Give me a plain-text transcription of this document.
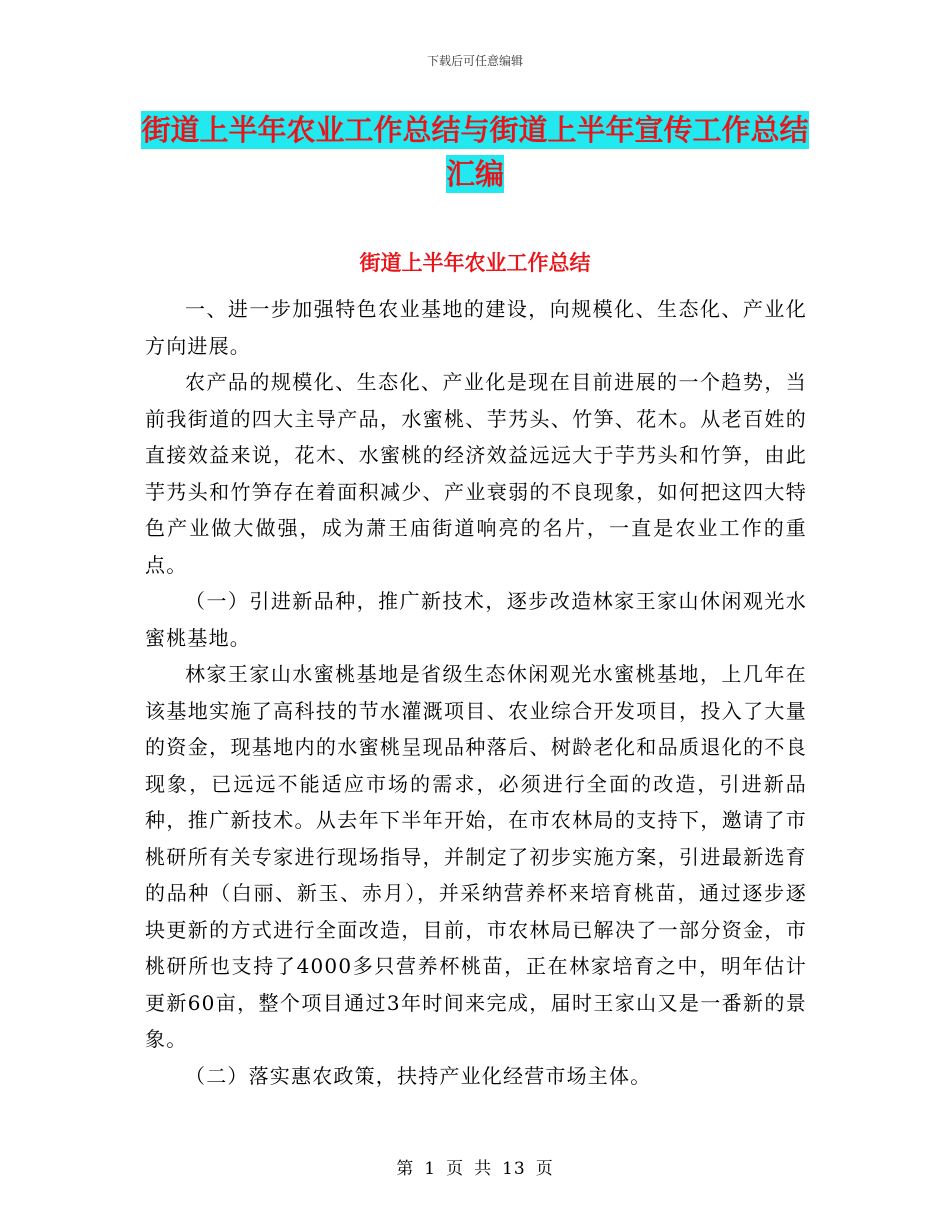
下载后可任意编辑
街道上半年农业工作总结与街道上半年宣传工作总结
汇编
街道上半年农业工作总结

一、进一步加强特色农业基地的建设，向规模化、生态化、产业化方向进展。

农产品的规模化、生态化、产业化是现在目前进展的一个趋势，当前我街道的四大主导产品，水蜜桃、芋艿头、竹笋、花木。从老百姓的直接效益来说，花木、水蜜桃的经济效益远远大于芋艿头和竹笋，由此芋艿头和竹笋存在着面积减少、产业衰弱的不良现象，如何把这四大特色产业做大做强，成为萧王庙街道响亮的名片，一直是农业工作的重点。

（一）引进新品种，推广新技术，逐步改造林家王家山休闲观光水蜜桃基地。

林家王家山水蜜桃基地是省级生态休闲观光水蜜桃基地，上几年在该基地实施了高科技的节水灌溉项目、农业综合开发项目，投入了大量的资金，现基地内的水蜜桃呈现品种落后、树龄老化和品质退化的不良现象，已远远不能适应市场的需求，必须进行全面的改造，引进新品种，推广新技术。从去年下半年开始，在市农林局的支持下，邀请了市桃研所有关专家进行现场指导，并制定了初步实施方案，引进最新选育的品种（白丽、新玉、赤月），并采纳营养杯来培育桃苗，通过逐步逐块更新的方式进行全面改造，目前，市农林局已解决了一部分资金，市桃研所也支持了4000多只营养杯桃苗，正在林家培育之中，明年估计更新60亩，整个项目通过3年时间来完成，届时王家山又是一番新的景象。

（二）落实惠农政策，扶持产业化经营市场主体。

第 1 页 共 13 页
